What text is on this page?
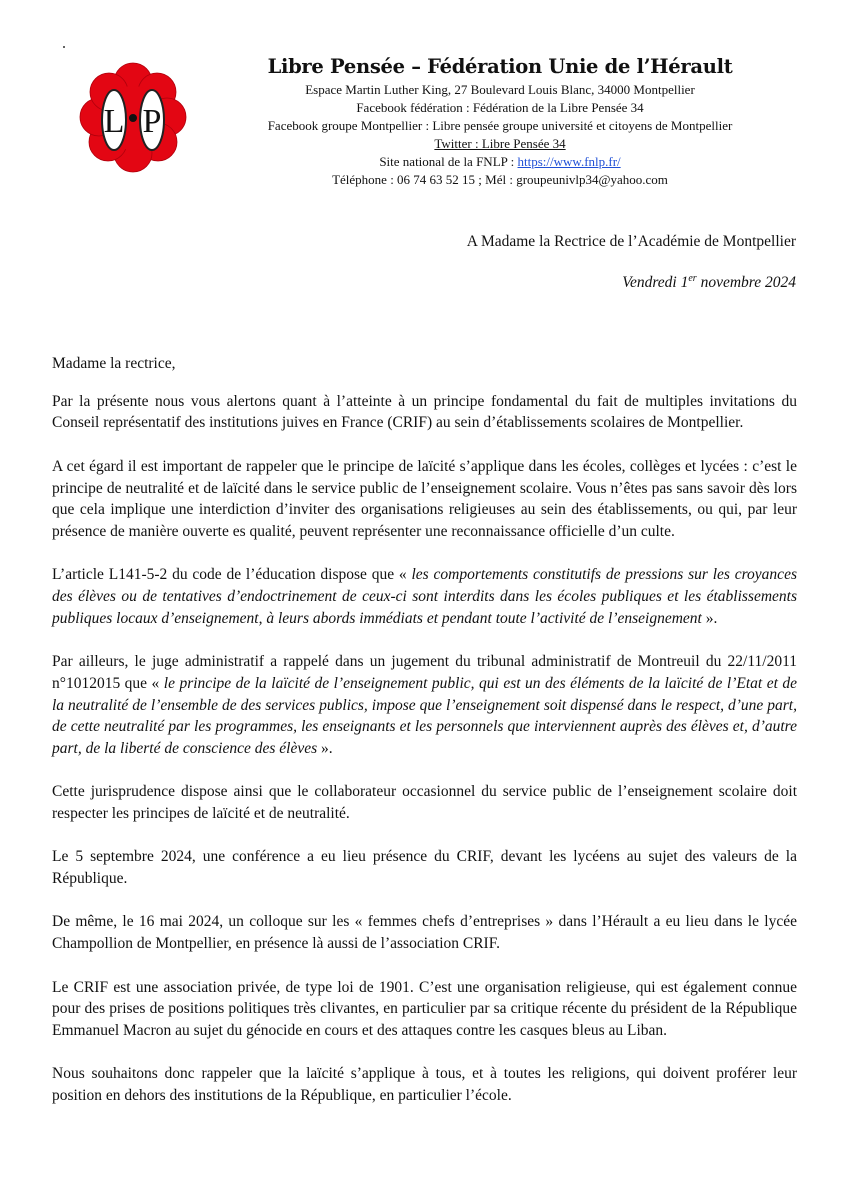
L P
Libre Pensée – Fédération Unie de l’Hérault
Espace Martin Luther King, 27 Boulevard Louis Blanc, 34000 Montpellier
Facebook fédération : Fédération de la Libre Pensée 34
Facebook groupe Montpellier : Libre pensée groupe université et citoyens de Montpellier
Twitter : Libre Pensée 34
Site national de la FNLP : https://www.fnlp.fr/
Téléphone : 06 74 63 52 15 ; Mél : groupeunivlp34@yahoo.com
A Madame la Rectrice de l’Académie de Montpellier
Vendredi 1er novembre 2024

Madame la rectrice,

Par la présente nous vous alertons quant à l’atteinte à un principe fondamental du fait de multiples invitations du Conseil représentatif des institutions juives en France (CRIF) au sein d’établissements scolaires de Montpellier.

A cet égard il est important de rappeler que le principe de laïcité s’applique dans les écoles, collèges et lycées : c’est le principe de neutralité et de laïcité dans le service public de l’enseignement scolaire. Vous n’êtes pas sans savoir dès lors que cela implique une interdiction d’inviter des organisations religieuses au sein des établissements, ou qui, par leur présence de manière ouverte es qualité, peuvent représenter une reconnaissance officielle d’un culte.

L’article L141-5-2 du code de l’éducation dispose que « les comportements constitutifs de pressions sur les croyances des élèves ou de tentatives d’endoctrinement de ceux-ci sont interdits dans les écoles publiques et les établissements publiques locaux d’enseignement, à leurs abords immédiats et pendant toute l’activité de l’enseignement ».

Par ailleurs, le juge administratif a rappelé dans un jugement du tribunal administratif de Montreuil du 22/11/2011 n°1012015 que « le principe de la laïcité de l’enseignement public, qui est un des éléments de la laïcité de l’Etat et de la neutralité de l’ensemble de des services publics, impose que l’enseignement soit dispensé dans le respect, d’une part, de cette neutralité par les programmes, les enseignants et les personnels que interviennent auprès des élèves et, d’autre part, de la liberté de conscience des élèves ».

Cette jurisprudence dispose ainsi que le collaborateur occasionnel du service public de l’enseignement scolaire doit respecter les principes de laïcité et de neutralité.

Le 5 septembre 2024, une conférence a eu lieu présence du CRIF, devant les lycéens au sujet des valeurs de la République.

De même, le 16 mai 2024, un colloque sur les « femmes chefs d’entreprises » dans l’Hérault a eu lieu dans le lycée Champollion de Montpellier, en présence là aussi de l’association CRIF.

Le CRIF est une association privée, de type loi de 1901. C’est une organisation religieuse, qui est également connue pour des prises de positions politiques très clivantes, en particulier par sa critique récente du président de la République Emmanuel Macron au sujet du génocide en cours et des attaques contre les casques bleus au Liban.

Nous souhaitons donc rappeler que la laïcité s’applique à tous, et à toutes les religions, qui doivent proférer leur position en dehors des institutions de la République, en particulier l’école.
